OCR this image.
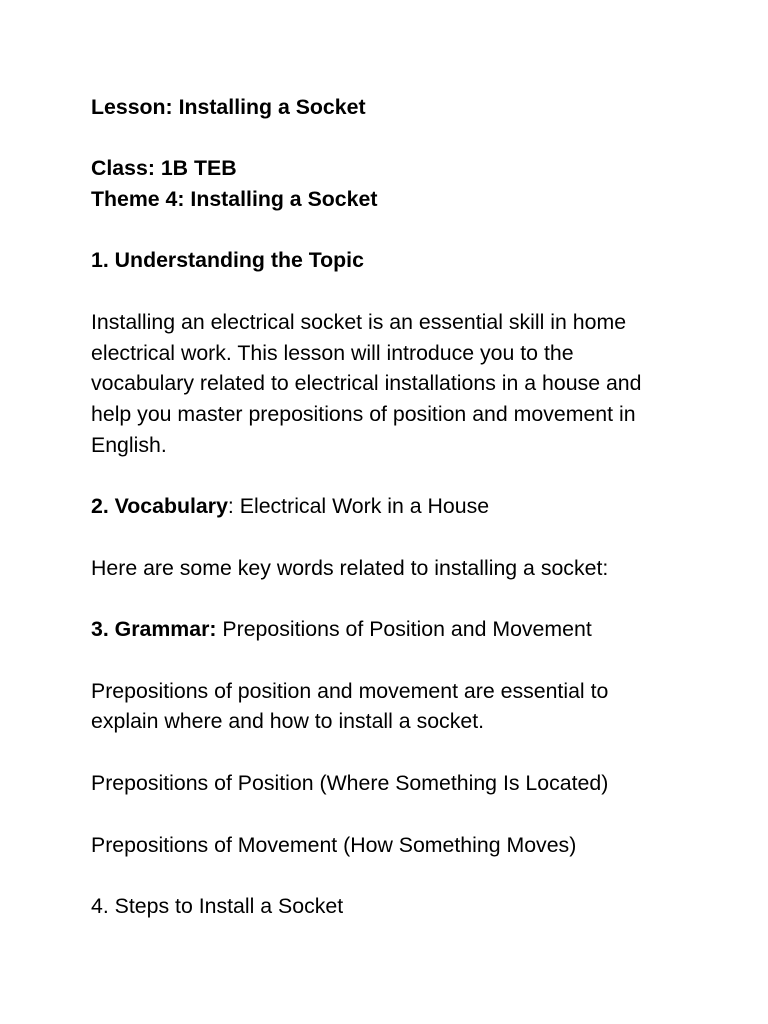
Lesson: Installing a Socket
Class: 1B TEB
Theme 4: Installing a Socket
1. Understanding the Topic
Installing an electrical socket is an essential skill in home
electrical work. This lesson will introduce you to the
vocabulary related to electrical installations in a house and
help you master prepositions of position and movement in
English.
2. Vocabulary: Electrical Work in a House
Here are some key words related to installing a socket:
3. Grammar: Prepositions of Position and Movement
Prepositions of position and movement are essential to
explain where and how to install a socket.
Prepositions of Position (Where Something Is Located)
Prepositions of Movement (How Something Moves)
4. Steps to Install a Socket
